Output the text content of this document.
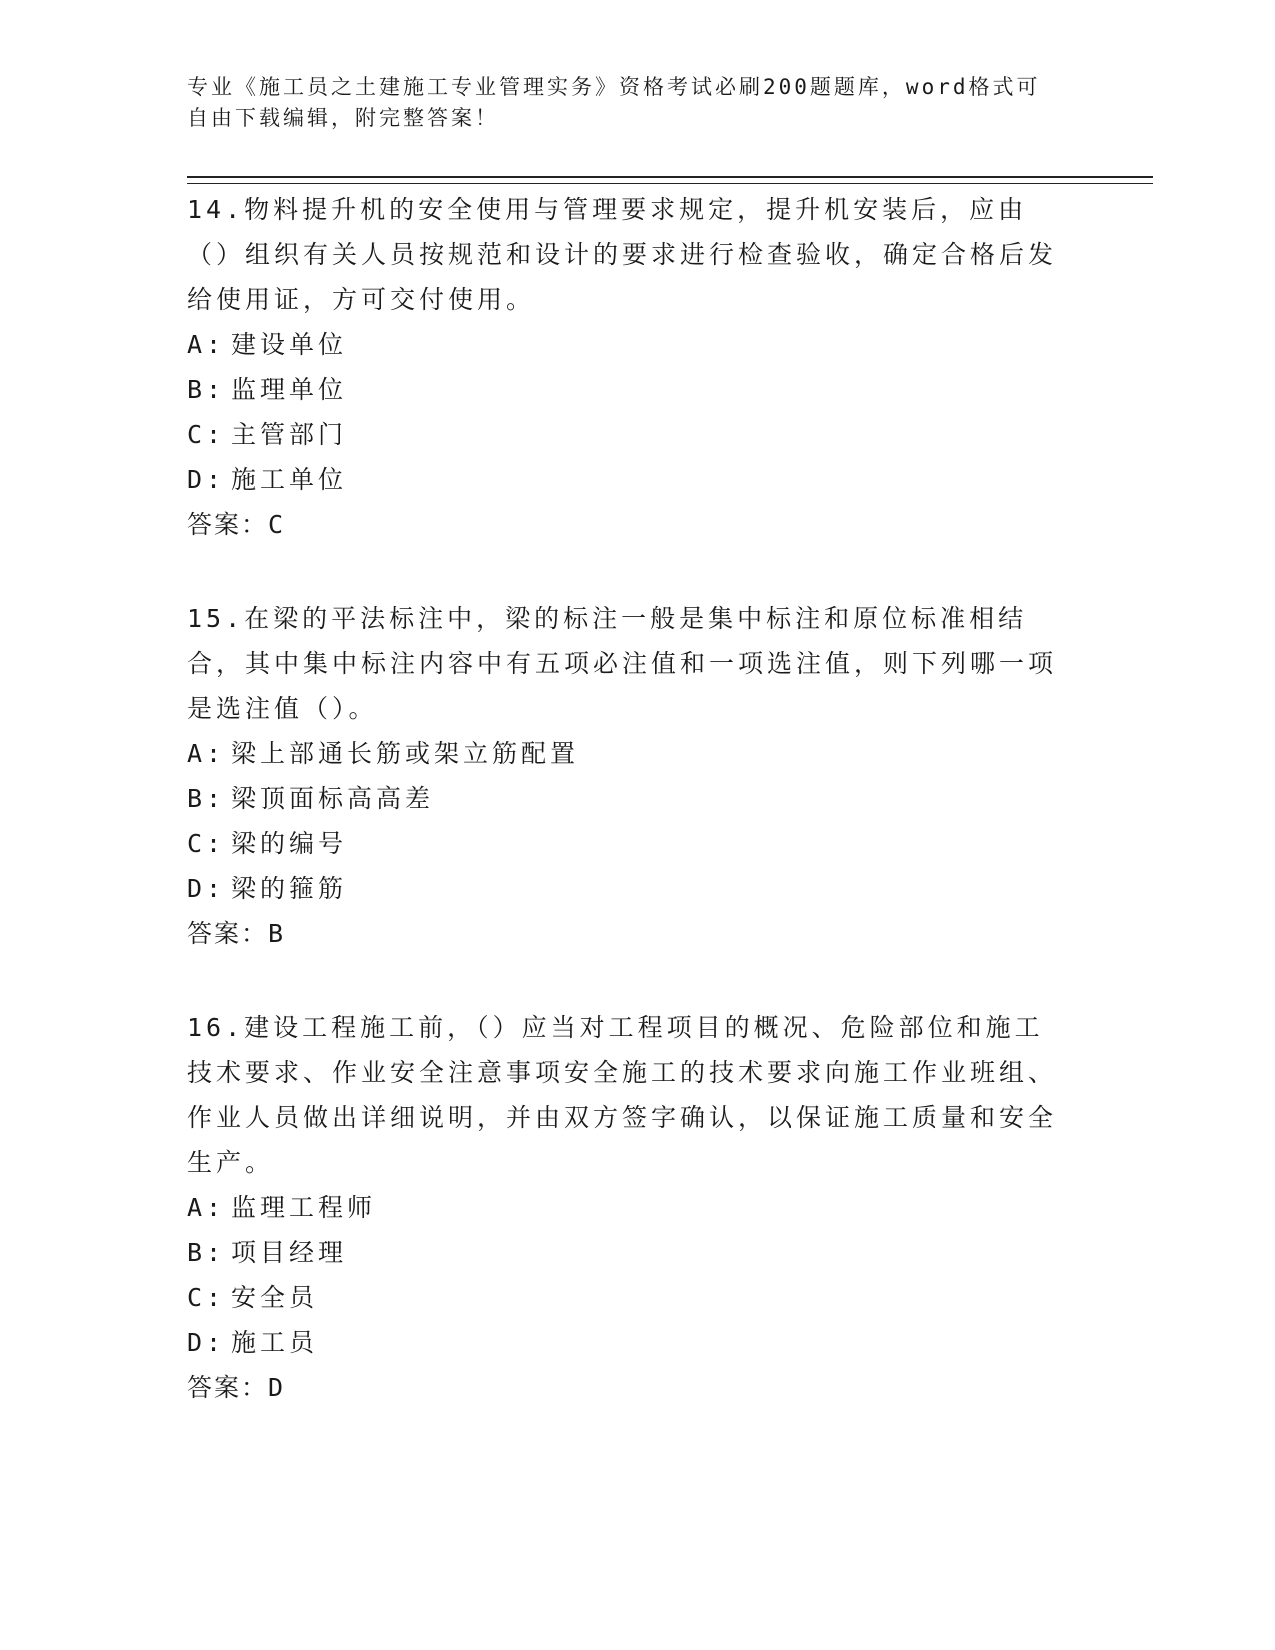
专业《施工员之土建施工专业管理实务》资格考试必刷200题题库，word格式可
自由下载编辑，附完整答案！

14.物料提升机的安全使用与管理要求规定，提升机安装后，应由（）组织有关人员按规范和设计的要求进行检查验收，确定合格后发给使用证，方可交付使用。

A: 建设单位
B: 监理单位
C: 主管部门
D: 施工单位
答案：C

15.在梁的平法标注中，梁的标注一般是集中标注和原位标准相结合，其中集中标注内容中有五项必注值和一项选注值，则下列哪一项是选注值（）。

A: 梁上部通长筋或架立筋配置
B: 梁顶面标高高差
C: 梁的编号
D: 梁的箍筋
答案：B

16.建设工程施工前，（）应当对工程项目的概况、危险部位和施工技术要求、作业安全注意事项安全施工的技术要求向施工作业班组、作业人员做出详细说明，并由双方签字确认，以保证施工质量和安全生产。

A: 监理工程师
B: 项目经理
C: 安全员
D: 施工员
答案：D
